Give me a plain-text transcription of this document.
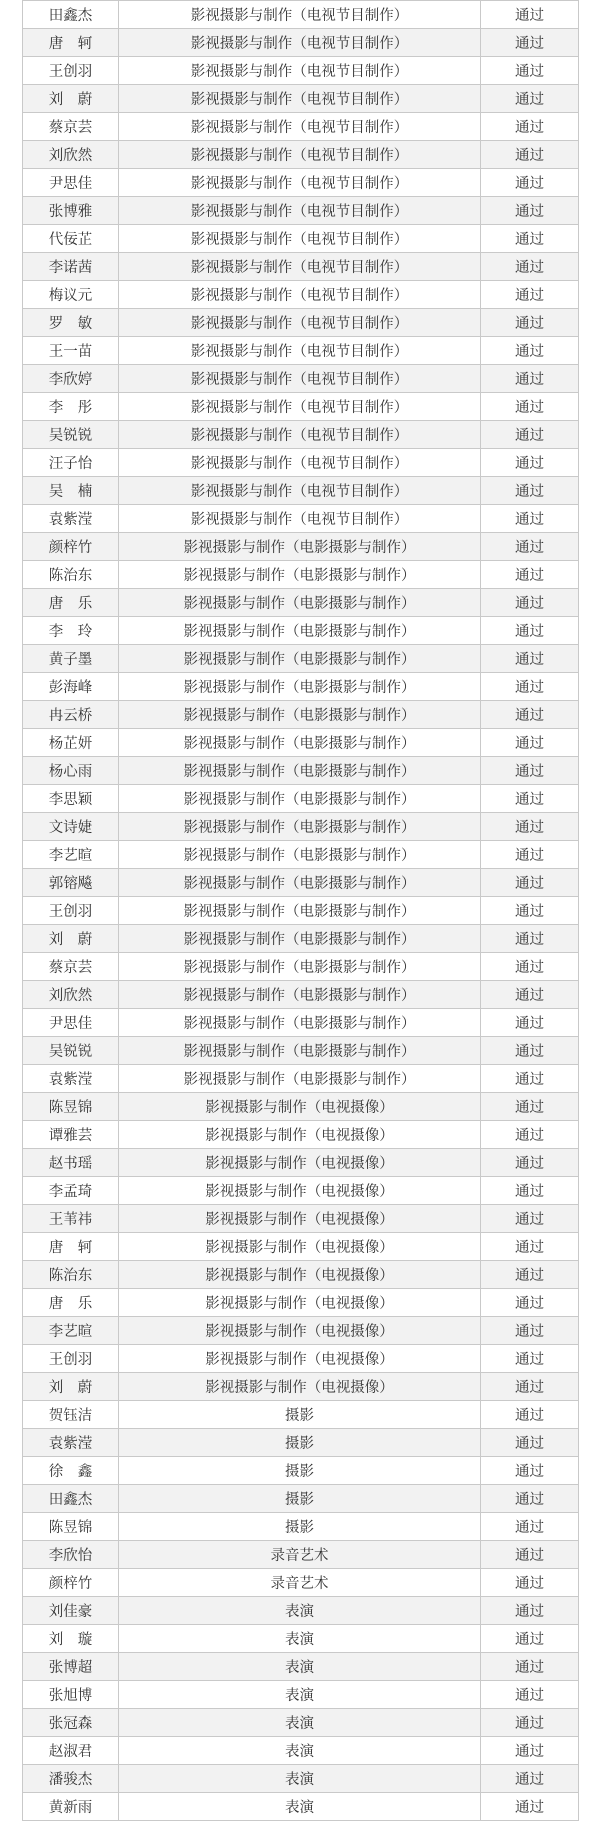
田鑫杰	影视摄影与制作（电视节目制作）	通过
唐　轲	影视摄影与制作（电视节目制作）	通过
王创羽	影视摄影与制作（电视节目制作）	通过
刘　蔚	影视摄影与制作（电视节目制作）	通过
蔡京芸	影视摄影与制作（电视节目制作）	通过
刘欣然	影视摄影与制作（电视节目制作）	通过
尹思佳	影视摄影与制作（电视节目制作）	通过
张博雅	影视摄影与制作（电视节目制作）	通过
代佞芷	影视摄影与制作（电视节目制作）	通过
李诺茜	影视摄影与制作（电视节目制作）	通过
梅议元	影视摄影与制作（电视节目制作）	通过
罗　敏	影视摄影与制作（电视节目制作）	通过
王一苗	影视摄影与制作（电视节目制作）	通过
李欣婷	影视摄影与制作（电视节目制作）	通过
李　彤	影视摄影与制作（电视节目制作）	通过
吴锐锐	影视摄影与制作（电视节目制作）	通过
汪子怡	影视摄影与制作（电视节目制作）	通过
吴　楠	影视摄影与制作（电视节目制作）	通过
袁紫滢	影视摄影与制作（电视节目制作）	通过
颜梓竹	影视摄影与制作（电影摄影与制作）	通过
陈治东	影视摄影与制作（电影摄影与制作）	通过
唐　乐	影视摄影与制作（电影摄影与制作）	通过
李　玲	影视摄影与制作（电影摄影与制作）	通过
黄子墨	影视摄影与制作（电影摄影与制作）	通过
彭海峰	影视摄影与制作（电影摄影与制作）	通过
冉云桥	影视摄影与制作（电影摄影与制作）	通过
杨芷妍	影视摄影与制作（电影摄影与制作）	通过
杨心雨	影视摄影与制作（电影摄影与制作）	通过
李思颖	影视摄影与制作（电影摄影与制作）	通过
文诗婕	影视摄影与制作（电影摄影与制作）	通过
李艺暄	影视摄影与制作（电影摄影与制作）	通过
郭镕飚	影视摄影与制作（电影摄影与制作）	通过
王创羽	影视摄影与制作（电影摄影与制作）	通过
刘　蔚	影视摄影与制作（电影摄影与制作）	通过
蔡京芸	影视摄影与制作（电影摄影与制作）	通过
刘欣然	影视摄影与制作（电影摄影与制作）	通过
尹思佳	影视摄影与制作（电影摄影与制作）	通过
吴锐锐	影视摄影与制作（电影摄影与制作）	通过
袁紫滢	影视摄影与制作（电影摄影与制作）	通过
陈昱锦	影视摄影与制作（电视摄像）	通过
谭雅芸	影视摄影与制作（电视摄像）	通过
赵书瑶	影视摄影与制作（电视摄像）	通过
李孟琦	影视摄影与制作（电视摄像）	通过
王苇祎	影视摄影与制作（电视摄像）	通过
唐　轲	影视摄影与制作（电视摄像）	通过
陈治东	影视摄影与制作（电视摄像）	通过
唐　乐	影视摄影与制作（电视摄像）	通过
李艺暄	影视摄影与制作（电视摄像）	通过
王创羽	影视摄影与制作（电视摄像）	通过
刘　蔚	影视摄影与制作（电视摄像）	通过
贺钰洁	摄影	通过
袁紫滢	摄影	通过
徐　鑫	摄影	通过
田鑫杰	摄影	通过
陈昱锦	摄影	通过
李欣怡	录音艺术	通过
颜梓竹	录音艺术	通过
刘佳豪	表演	通过
刘　璇	表演	通过
张博超	表演	通过
张旭博	表演	通过
张冠森	表演	通过
赵淑君	表演	通过
潘骏杰	表演	通过
黄新雨	表演	通过
